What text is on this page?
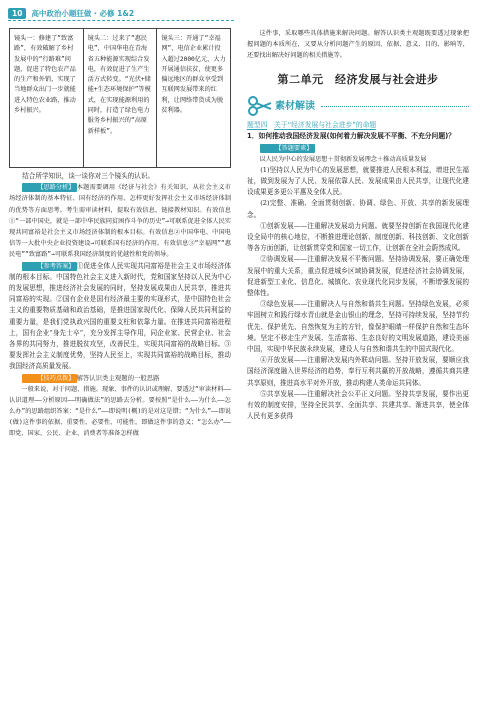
10	高中政治小题狂做 · 必修 1&2
镜头一：修建了“致富路”，有效破解了乡村发展中的“行路难”问题，促进了特色农产品的生产和外销，实现了当地群众出门一步就能进入特色农业路，推动乡村振兴。	镜头二：过来了“惠民电”，中国华电在青海省五种能源实现综合发电，有效促进了生产生活方式转变。“光伏+储能+生态环境保护”等模式，在实现能源利用的同时，打造了绿色电力服务乡村振兴的“高原新样板”。	镜头三：开通了“幸福网”，电信企业累计投入超过2000亿元，大力开展通信扶贫，使更多偏远地区的群众享受到互联网发展带来的红利，让网络带货成为脱贫利器。

结合所学知识，谈一谈你对三个镜头的认识。

【思路分析】 本题需要调用《经济与社会》有关知识，从社会主义市场经济体制的基本特征、国有经济的作用、怎样更好发挥社会主义市场经济体制的优势等方面思考。考生需审读材料，提取有效信息，链接教材知识。有效信息①“一部中国史，就是一部中华民族同贫困作斗争的历史”→可联系促进全体人民实现共同富裕是社会主义市场经济体制的根本目标。有效信息②中国华电、中国电信等一大批中央企业投资建设→可联系国有经济的作用。有效信息③“幸福网”“惠民电”“致富路”→可联系我国经济制度的优越性和党的领导。

【参考答案】 ①促进全体人民实现共同富裕是社会主义市场经济体制的根本目标。中国特色社会主义进入新时代，党和国家坚持以人民为中心的发展思想，推进经济社会发展的同时，坚持发展成果由人民共享，推进共同富裕的实现。②国有企业是国有经济最主要的实现形式，是中国特色社会主义的重要物质基础和政治基础，是推进国家现代化、保障人民共同利益的重要力量，是我们党执政兴国的重要支柱和依靠力量。在推进共同富裕进程上，国有企业“身先士卒”，充分发挥主导作用，同企业家、民营企业、社会各界的共同努力，推进脱贫攻坚，改善民生，实现共同富裕的战略目标。③要发挥社会主义制度优势，坚持人民至上，实现共同富裕的战略目标，推动我国经济高质量发展。

【技巧点拨】 解答认识类主观题的一般思路

一般来说，对于问题、措施、现象、事件的认识或理解，要透过“审读材料——认识道理——分析原因——明确做法”的思路去分析。要按照“是什么——为什么——怎么办”的思路组织答案：“是什么”——即说明(概)的是对这是错；“为什么”——即说(做)这件事的依据、重要性、必要性、可能性，即做这件事的意义；“怎么办”——即党、国家、公民、企业、消费者等准备怎样做

这件事，采取哪些具体措施来解决问题。解答认识类主观题既要透过现象把握问题的本质所在，又要从分析问题产生的原因、依据、意义、目的、影响等，还要找出解决好问题的相关措施等。

第二单元　经济发展与社会进步
素材解读

题型四　 关于“经济发展与社会进步”的命题

1．如何推动我国经济发展(如何着力解决发展不平衡、不充分问题)？

【答题要素】

以人民为中心的发展思想＋贯彻新发展理念＋推动高质量发展

(1)坚持以人民为中心的发展思想，就要推进人民根本利益，增进民生福祉，做到发展为了人民、发展依靠人民、发展成果由人民共享，让现代化建设成果更多更公平惠及全体人民。

(2)完整、准确、全面贯彻创新、协调、绿色、开放、共享的新发展理念。

①创新发展——注重解决发展动力问题。就要坚持创新在我国现代化建设全局中的核心地位，不断推进理论创新、制度创新、科技创新、文化创新等各方面创新，让创新贯穿党和国家一切工作，让创新在全社会蔚然成风。

②协调发展——注重解决发展不平衡问题。坚持协调发展，要正确处理发展中的重大关系，重点促进城乡区域协调发展，促进经济社会协调发展，促进新型工业化、信息化、城镇化、农业现代化同步发展，不断增强发展的整体性。

③绿色发展——注重解决人与自然和谐共生问题。坚持绿色发展，必须牢固树立和践行绿水青山就是金山银山的理念，坚持可持续发展，坚持节约优先、保护优先、自然恢复为主的方针，像保护眼睛一样保护自然和生态环境。坚定不移走生产发展、生活富裕、生态良好的文明发展道路，建设美丽中国，实现中华民族永续发展，建设人与自然和谐共生的中国式现代化。

④开放发展——注重解决发展内外联动问题。坚持开放发展，要顺应我国经济深度融入世界经济的趋势，奉行互利共赢的开放战略，遵循共商共建共享原则，推进高水平对外开放，推动构建人类命运共同体。

⑤共享发展——注重解决社会公平正义问题。坚持共享发展，要作出更有效的制度安排，坚持全民共享、全面共享、共建共享、渐进共享，使全体人民有更多获得
